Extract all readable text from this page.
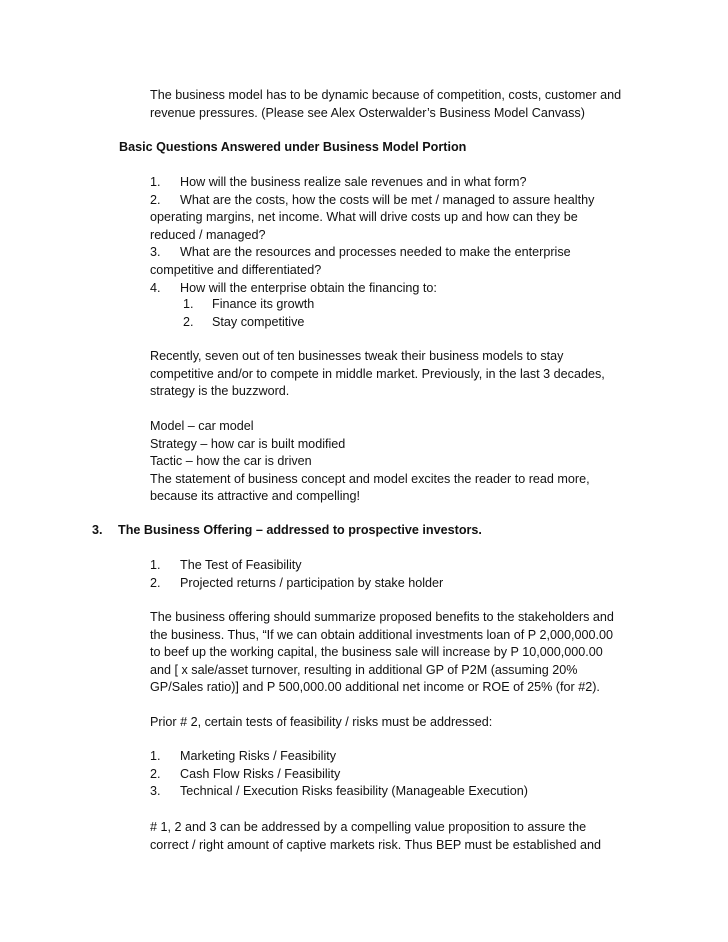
The business model has to be dynamic because of competition, costs, customer and
revenue pressures. (Please see Alex Osterwalder’s Business Model Canvass)
Basic Questions Answered under Business Model Portion
1. How will the business realize sale revenues and in what form?
2. What are the costs, how the costs will be met / managed to assure healthy
operating margins, net income. What will drive costs up and how can they be
reduced / managed?
3. What are the resources and processes needed to make the enterprise
competitive and differentiated?
4. How will the enterprise obtain the financing to:
1. Finance its growth
2. Stay competitive
Recently, seven out of ten businesses tweak their business models to stay
competitive and/or to compete in middle market. Previously, in the last 3 decades,
strategy is the buzzword.
Model – car model
Strategy – how car is built modified
Tactic – how the car is driven
The statement of business concept and model excites the reader to read more,
because its attractive and compelling!
3. The Business Offering – addressed to prospective investors.
1. The Test of Feasibility
2. Projected returns / participation by stake holder
The business offering should summarize proposed benefits to the stakeholders and
the business. Thus, “If we can obtain additional investments loan of P 2,000,000.00
to beef up the working capital, the business sale will increase by P 10,000,000.00
and [ x sale/asset turnover, resulting in additional GP of P2M (assuming 20%
GP/Sales ratio)] and P 500,000.00 additional net income or ROE of 25% (for #2).
Prior # 2, certain tests of feasibility / risks must be addressed:
1. Marketing Risks / Feasibility
2. Cash Flow Risks / Feasibility
3. Technical / Execution Risks feasibility (Manageable Execution)
# 1, 2 and 3 can be addressed by a compelling value proposition to assure the
correct / right amount of captive markets risk. Thus BEP must be established and
